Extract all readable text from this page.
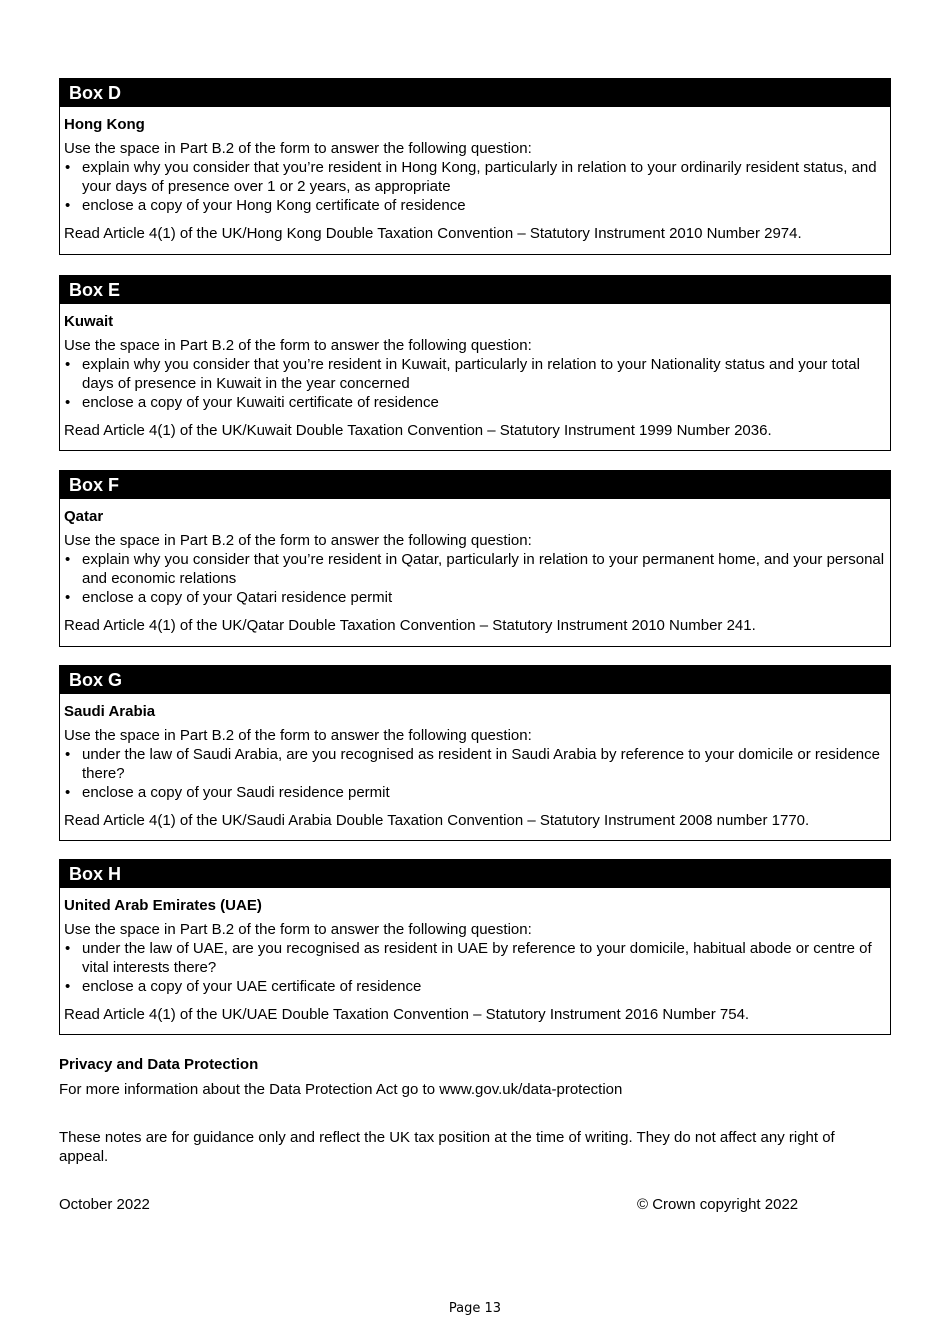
Box D
Hong Kong
Use the space in Part B.2 of the form to answer the following question:
• explain why you consider that you’re resident in Hong Kong, particularly in relation to your ordinarily resident status, and your days of presence over 1 or 2 years, as appropriate
• enclose a copy of your Hong Kong certificate of residence
Read Article 4(1) of the UK/Hong Kong Double Taxation Convention – Statutory Instrument 2010 Number 2974.
Box E
Kuwait
Use the space in Part B.2 of the form to answer the following question:
• explain why you consider that you’re resident in Kuwait, particularly in relation to your Nationality status and your total days of presence in Kuwait in the year concerned
• enclose a copy of your Kuwaiti certificate of residence
Read Article 4(1) of the UK/Kuwait Double Taxation Convention – Statutory Instrument 1999 Number 2036.
Box F
Qatar
Use the space in Part B.2 of the form to answer the following question:
• explain why you consider that you’re resident in Qatar, particularly in relation to your permanent home, and your personal and economic relations
• enclose a copy of your Qatari residence permit
Read Article 4(1) of the UK/Qatar Double Taxation Convention – Statutory Instrument 2010 Number 241.
Box G
Saudi Arabia
Use the space in Part B.2 of the form to answer the following question:
• under the law of Saudi Arabia, are you recognised as resident in Saudi Arabia by reference to your domicile or residence there?
• enclose a copy of your Saudi residence permit
Read Article 4(1) of the UK/Saudi Arabia Double Taxation Convention – Statutory Instrument 2008 number 1770.
Box H
United Arab Emirates (UAE)
Use the space in Part B.2 of the form to answer the following question:
• under the law of UAE, are you recognised as resident in UAE by reference to your domicile, habitual abode or centre of vital interests there?
• enclose a copy of your UAE certificate of residence
Read Article 4(1) of the UK/UAE Double Taxation Convention – Statutory Instrument 2016 Number 754.
Privacy and Data Protection
For more information about the Data Protection Act go to www.gov.uk/data-protection
These notes are for guidance only and reflect the UK tax position at the time of writing. They do not affect any right of appeal.
October 2022	© Crown copyright 2022
Page 13
